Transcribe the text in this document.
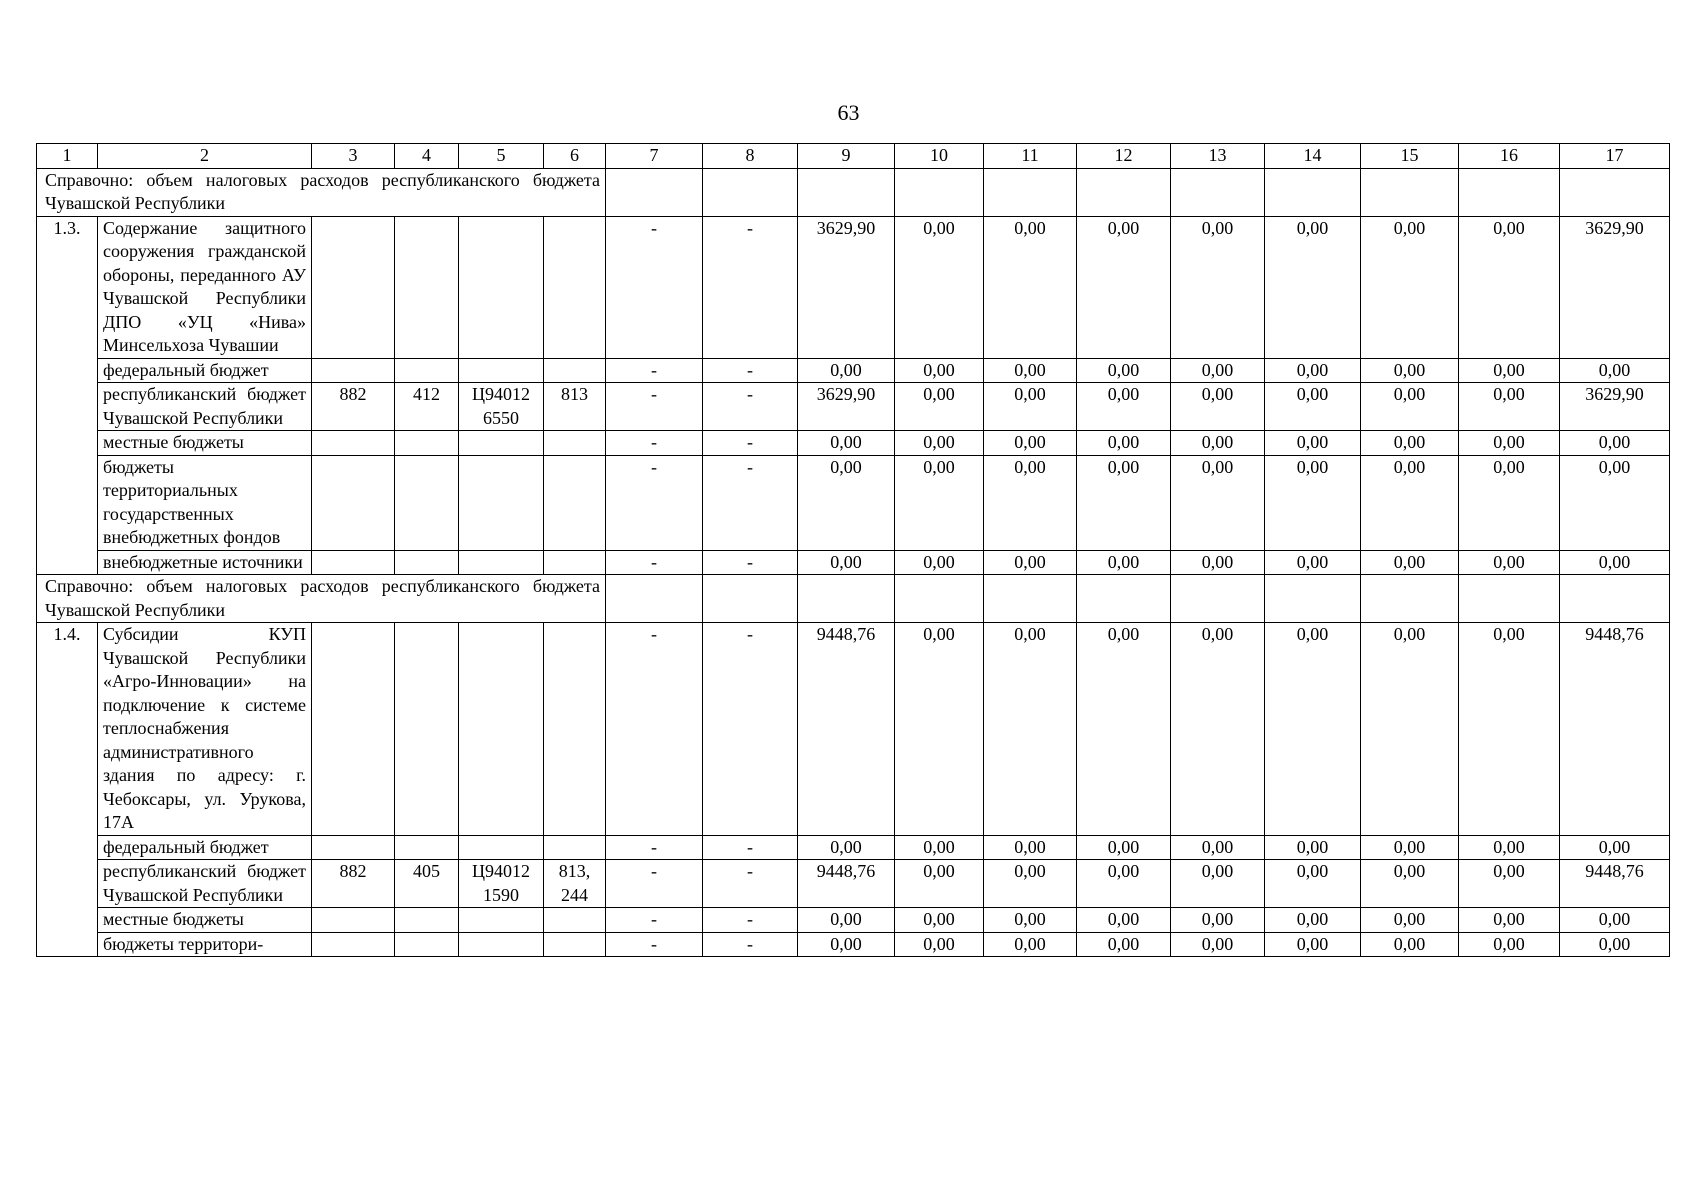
63
1	2	3	4	5	6	7	8	9	10	11	12	13	14	15	16	17
Справочно: объем налоговых расходов республиканского бюджета Чувашской Республики																
1.3.	Содержание защитного сооружения гражданской обороны, переданного АУ Чувашской Республики ДПО «УЦ «Нива» Минсельхоза Чувашии					-	-	3629,90	0,00	0,00	0,00	0,00	0,00	0,00	0,00	3629,90
	федеральный бюджет					-	-	0,00	0,00	0,00	0,00	0,00	0,00	0,00	0,00	0,00
	республиканский бюджет Чувашской Республики	882	412	Ц94012 6550	813	-	-	3629,90	0,00	0,00	0,00	0,00	0,00	0,00	0,00	3629,90
	местные бюджеты					-	-	0,00	0,00	0,00	0,00	0,00	0,00	0,00	0,00	0,00
	бюджеты территориальных государственных внебюджетных фондов					-	-	0,00	0,00	0,00	0,00	0,00	0,00	0,00	0,00	0,00
	внебюджетные источники					-	-	0,00	0,00	0,00	0,00	0,00	0,00	0,00	0,00	0,00
Справочно: объем налоговых расходов республиканского бюджета Чувашской Республики																
1.4.	Субсидии КУП Чувашской Республики «Агро-Инновации» на подключение к системе теплоснабжения административного здания по адресу: г. Чебоксары, ул. Урукова, 17А					-	-	9448,76	0,00	0,00	0,00	0,00	0,00	0,00	0,00	9448,76
	федеральный бюджет					-	-	0,00	0,00	0,00	0,00	0,00	0,00	0,00	0,00	0,00
	республиканский бюджет Чувашской Республики	882	405	Ц94012 1590	813, 244	-	-	9448,76	0,00	0,00	0,00	0,00	0,00	0,00	0,00	9448,76
	местные бюджеты					-	-	0,00	0,00	0,00	0,00	0,00	0,00	0,00	0,00	0,00
	бюджеты территори-					-	-	0,00	0,00	0,00	0,00	0,00	0,00	0,00	0,00	0,00
